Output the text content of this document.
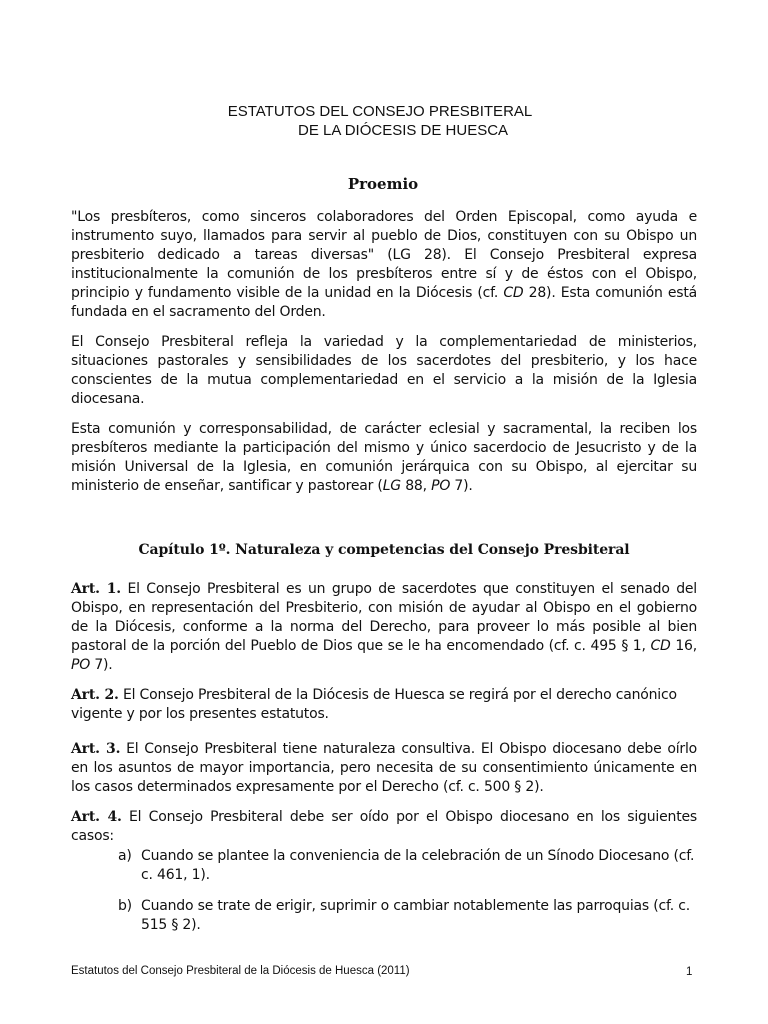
ESTATUTOS DEL CONSEJO PRESBITERAL
DE LA DIÓCESIS DE HUESCA
Proemio
"Los presbíteros, como sinceros colaboradores del Orden Episcopal, como ayuda e instrumento suyo, llamados para servir al pueblo de Dios, constituyen con su Obispo un presbiterio dedicado a tareas diversas" (LG 28). El Consejo Presbiteral expresa institucionalmente la comunión de los presbíteros entre sí y de éstos con el Obispo, principio y fundamento visible de la unidad en la Diócesis (cf. CD 28). Esta comunión está fundada en el sacramento del Orden.
El Consejo Presbiteral refleja la variedad y la complementariedad de ministerios, situaciones pastorales y sensibilidades de los sacerdotes del presbiterio, y los hace conscientes de la mutua complementariedad en el servicio a la misión de la Iglesia diocesana.
Esta comunión y corresponsabilidad, de carácter eclesial y sacramental, la reciben los presbíteros mediante la participación del mismo y único sacerdocio de Jesucristo y de la misión Universal de la Iglesia, en comunión jerárquica con su Obispo, al ejercitar su ministerio de enseñar, santificar y pastorear (LG 88, PO 7).
Capítulo 1º. Naturaleza y competencias del Consejo Presbiteral
Art. 1. El Consejo Presbiteral es un grupo de sacerdotes que constituyen el senado del Obispo, en representación del Presbiterio, con misión de ayudar al Obispo en el gobierno de la Diócesis, conforme a la norma del Derecho, para proveer lo más posible al bien pastoral de la porción del Pueblo de Dios que se le ha encomendado (cf. c. 495 § 1, CD 16, PO 7).
Art. 2. El Consejo Presbiteral de la Diócesis de Huesca se regirá por el derecho canónico vigente y por los presentes estatutos.
Art. 3. El Consejo Presbiteral tiene naturaleza consultiva. El Obispo diocesano debe oírlo en los asuntos de mayor importancia, pero necesita de su consentimiento únicamente en los casos determinados expresamente por el Derecho (cf. c. 500 § 2).
Art. 4. El Consejo Presbiteral debe ser oído por el Obispo diocesano en los siguientes casos:
a) Cuando se plantee la conveniencia de la celebración de un Sínodo Diocesano (cf. c. 461, 1).
b) Cuando se trate de erigir, suprimir o cambiar notablemente las parroquias (cf. c. 515 § 2).
Estatutos del Consejo Presbiteral de la Diócesis de Huesca (2011)	1
